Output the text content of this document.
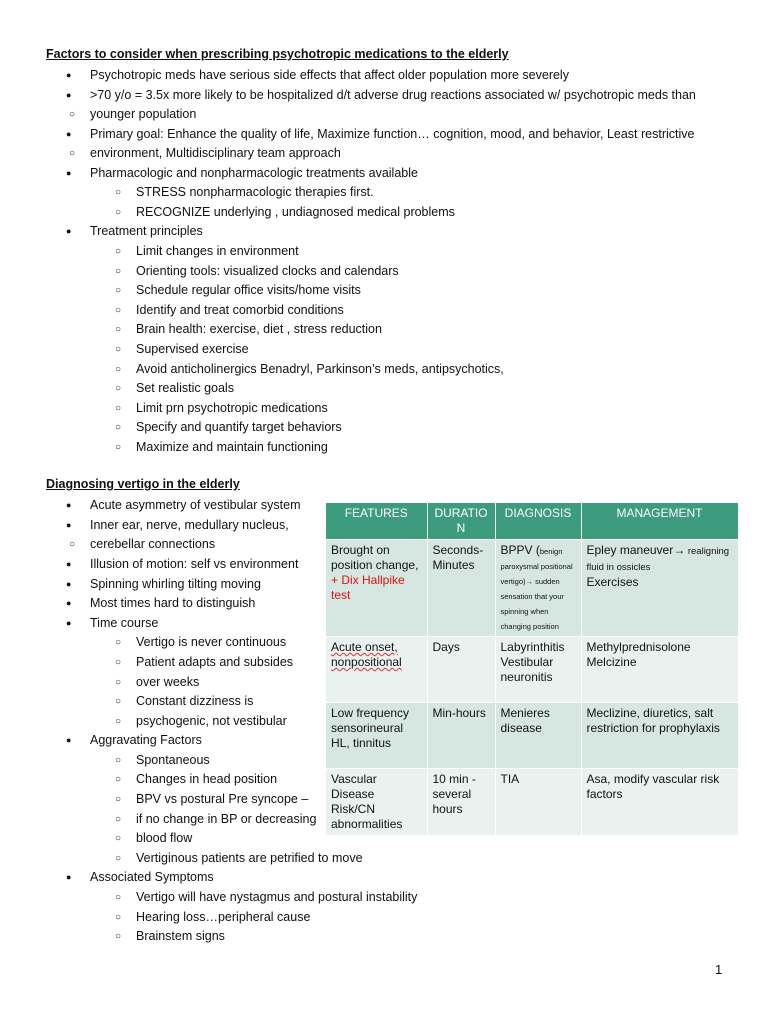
Factors to consider when prescribing psychotropic medications to the elderly
● Psychotropic meds have serious side effects that affect older population more severely
● >70 y/o = 3.5x more likely to be hospitalized d/t adverse drug reactions associated w/ psychotropic meds than
○ younger population
● Primary goal: Enhance the quality of life, Maximize function… cognition, mood, and behavior, Least restrictive
○ environment, Multidisciplinary team approach
● Pharmacologic and nonpharmacologic treatments available
○ STRESS nonpharmacologic therapies first.
○ RECOGNIZE underlying , undiagnosed medical problems
● Treatment principles
○ Limit changes in environment
○ Orienting tools: visualized clocks and calendars
○ Schedule regular office visits/home visits
○ Identify and treat comorbid conditions
○ Brain health: exercise, diet , stress reduction
○ Supervised exercise
○ Avoid anticholinergics Benadryl, Parkinson’s meds, antipsychotics,
○ Set realistic goals
○ Limit prn psychotropic medications
○ Specify and quantify target behaviors
○ Maximize and maintain functioning
Diagnosing vertigo in the elderly
● Acute asymmetry of vestibular system
● Inner ear, nerve, medullary nucleus,
○ cerebellar connections
● Illusion of motion: self vs environment
● Spinning whirling tilting moving
● Most times hard to distinguish
● Time course
○ Vertigo is never continuous
○ Patient adapts and subsides
○ over weeks
○ Constant dizziness is
○ psychogenic, not vestibular
● Aggravating Factors
○ Spontaneous
○ Changes in head position
○ BPV vs postural Pre syncope –
○ if no change in BP or decreasing
○ blood flow
○ Vertiginous patients are petrified to move
● Associated Symptoms
○ Vertigo will have nystagmus and postural instability
○ Hearing loss…peripheral cause
○ Brainstem signs
FEATURES	DURATIO N	DIAGNOSIS	MANAGEMENT
Brought on position change,
+ Dix Hallpike test	Seconds- Minutes	BPPV (benign paroxysmal positional vertigo)→ sudden sensation that your spinning when changing position	Epley maneuver→ realigning fluid in ossicles
Exercises
Acute onset, nonpositional	Days	Labyrinthitis Vestibular neuronitis	Methylprednisolone Melcizine
Low frequency sensorineural HL, tinnitus	Min-hours	Menieres disease	Meclizine, diuretics, salt restriction for prophylaxis
Vascular Disease Risk/CN abnormalities	10 min - several hours	TIA	Asa, modify vascular risk factors
1
